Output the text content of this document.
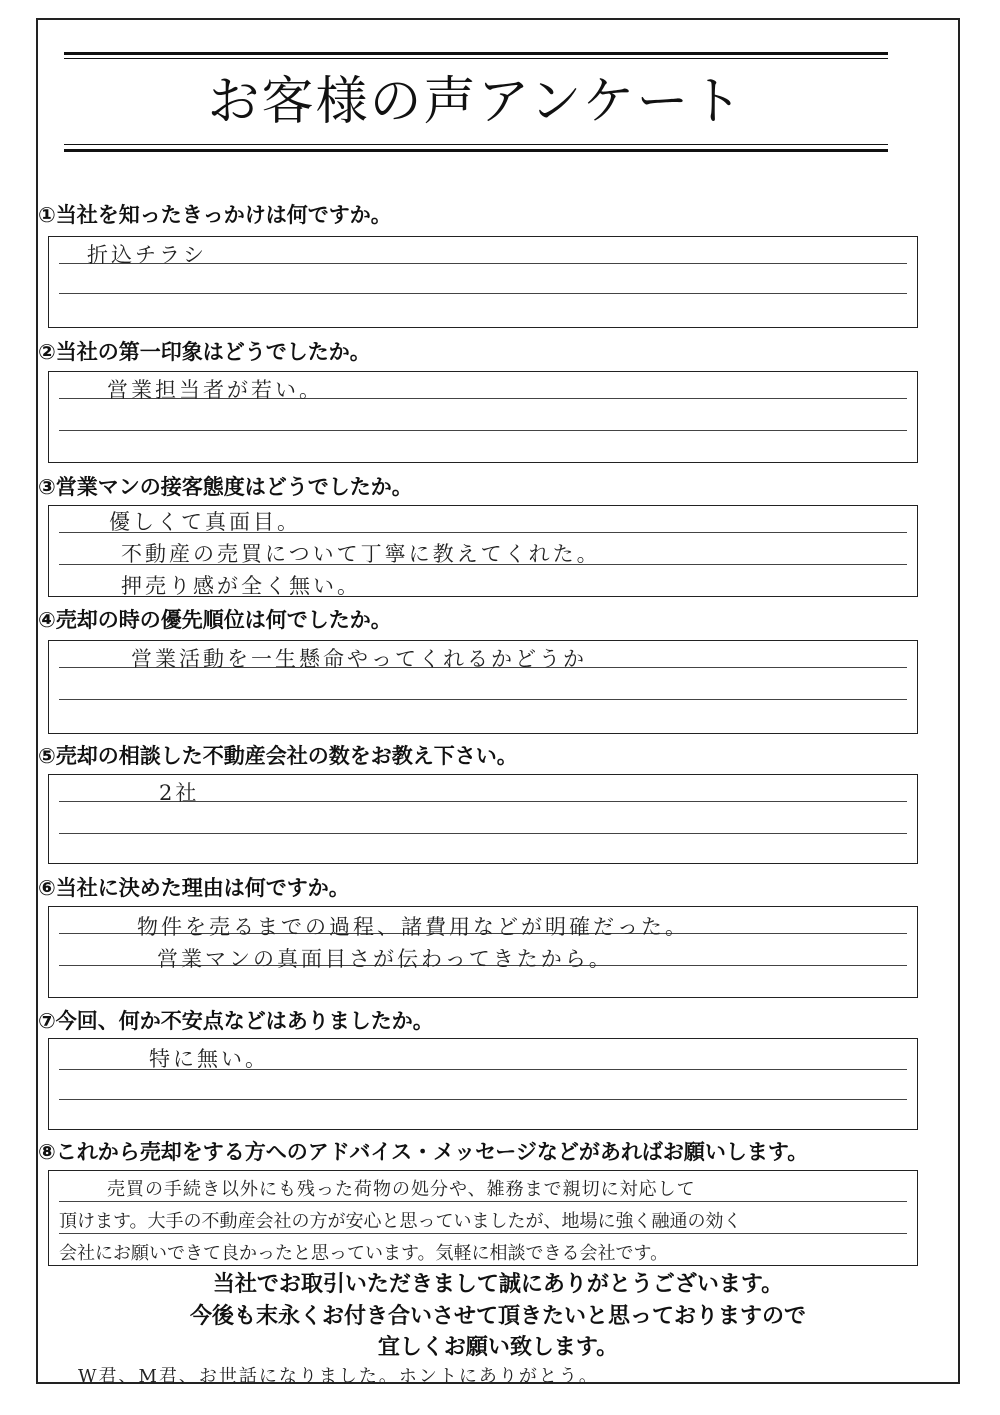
お客様の声アンケート
①当社を知ったきっかけは何ですか。
折込チラシ
②当社の第一印象はどうでしたか。
営業担当者が若い。
③営業マンの接客態度はどうでしたか。
優しくて真面目。
不動産の売買について丁寧に教えてくれた。
押売り感が全く無い。
④売却の時の優先順位は何でしたか。
営業活動を一生懸命やってくれるかどうか
⑤売却の相談した不動産会社の数をお教え下さい。
2社
⑥当社に決めた理由は何ですか。
物件を売るまでの過程、諸費用などが明確だった。
営業マンの真面目さが伝わってきたから。
⑦今回、何か不安点などはありましたか。
特に無い。
⑧これから売却をする方へのアドバイス・メッセージなどがあればお願いします。
売買の手続き以外にも残った荷物の処分や、雑務まで親切に対応して
頂けます。大手の不動産会社の方が安心と思っていましたが、地場に強く融通の効く
会社にお願いできて良かったと思っています。気軽に相談できる会社です。
当社でお取引いただきまして誠にありがとうございます。
今後も末永くお付き合いさせて頂きたいと思っておりますので
宜しくお願い致します。
W君、M君、お世話になりました。ホントにありがとう。
